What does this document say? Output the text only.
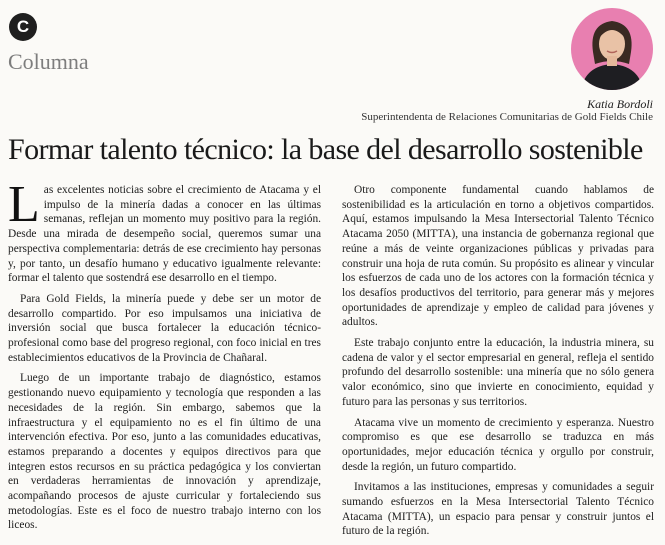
C
Columna
Katia Bordoli
Superintendenta de Relaciones Comunitarias de Gold Fields Chile
Formar talento técnico: la base del desarrollo sostenible

Las excelentes noticias sobre el crecimiento de Atacama y el impulso de la minería dadas a conocer en las últimas semanas, reflejan un momento muy positivo para la región. Desde una mirada de desempeño social, queremos sumar una perspectiva complementaria: detrás de ese crecimiento hay personas y, por tanto, un desafío humano y educativo igualmente relevante: formar el talento que sostendrá ese desarrollo en el tiempo.

Para Gold Fields, la minería puede y debe ser un motor de desarrollo compartido. Por eso impulsamos una iniciativa de inversión social que busca fortalecer la educación técnico-profesional como base del progreso regional, con foco inicial en tres establecimientos educativos de la Provincia de Chañaral.

Luego de un importante trabajo de diagnóstico, estamos gestionando nuevo equipamiento y tecnología que responden a las necesidades de la región. Sin embargo, sabemos que la infraestructura y el equipamiento no es el fin último de una intervención efectiva. Por eso, junto a las comunidades educativas, estamos preparando a docentes y equipos directivos para que integren estos recursos en su práctica pedagógica y los conviertan en verdaderas herramientas de innovación y aprendizaje, acompañando procesos de ajuste curricular y fortaleciendo sus metodologías. Este es el foco de nuestro trabajo interno con los liceos.

Otro componente fundamental cuando hablamos de sostenibilidad es la articulación en torno a objetivos compartidos. Aquí, estamos impulsando la Mesa Intersectorial Talento Técnico Atacama 2050 (MITTA), una instancia de gobernanza regional que reúne a más de veinte organizaciones públicas y privadas para construir una hoja de ruta común. Su propósito es alinear y vincular los esfuerzos de cada uno de los actores con la formación técnica y los desafíos productivos del territorio, para generar más y mejores oportunidades de aprendizaje y empleo de calidad para jóvenes y adultos.

Este trabajo conjunto entre la educación, la industria minera, su cadena de valor y el sector empresarial en general, refleja el sentido profundo del desarrollo sostenible: una minería que no sólo genera valor económico, sino que invierte en conocimiento, equidad y futuro para las personas y sus territorios.

Atacama vive un momento de crecimiento y esperanza. Nuestro compromiso es que ese desarrollo se traduzca en más oportunidades, mejor educación técnica y orgullo por construir, desde la región, un futuro compartido.

Invitamos a las instituciones, empresas y comunidades a seguir sumando esfuerzos en la Mesa Intersectorial Talento Técnico Atacama (MITTA), un espacio para pensar y construir juntos el futuro de la región.
